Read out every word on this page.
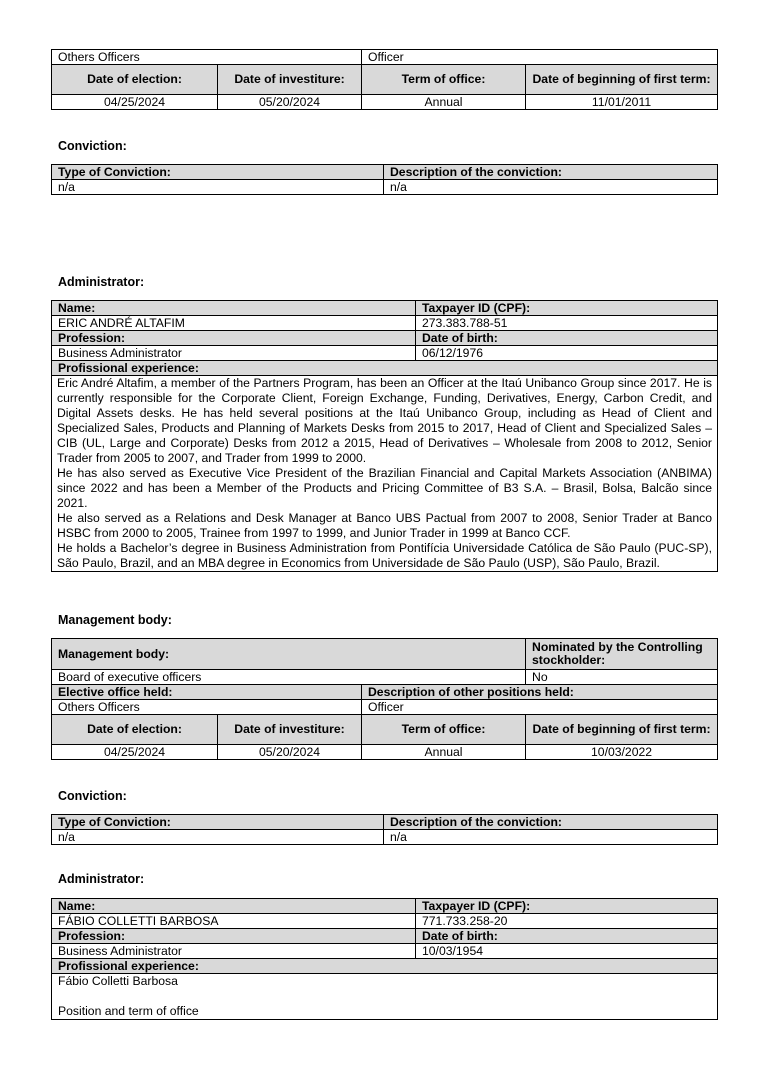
Others Officers		Officer	
Date of election:	Date of investiture:	Term of office:	Date of beginning of first term:
04/25/2024	05/20/2024	Annual	11/01/2011
Conviction:
Type of Conviction:	Description of the conviction:
n/a	n/a
Administrator:
Name:	Taxpayer ID (CPF):
ERIC ANDRÉ ALTAFIM	273.383.788-51
Profession:	Date of birth:
Business Administrator	06/12/1976
Profissional experience:	

Eric André Altafim, a member of the Partners Program, has been an Officer at the Itaú Unibanco Group since 2017. He is currently responsible for the Corporate Client, Foreign Exchange, Funding, Derivatives, Energy, Carbon Credit, and Digital Assets desks. He has held several positions at the Itaú Unibanco Group, including as Head of Client and Specialized Sales, Products and Planning of Markets Desks from 2015 to 2017, Head of Client and Specialized Sales – CIB (UL, Large and Corporate) Desks from 2012 a 2015, Head of Derivatives – Wholesale from 2008 to 2012, Senior Trader from 2005 to 2007, and Trader from 1999 to 2000.
He has also served as Executive Vice President of the Brazilian Financial and Capital Markets Association (ANBIMA) since 2022 and has been a Member of the Products and Pricing Committee of B3 S.A. – Brasil, Bolsa, Balcão since 2021.
He also served as a Relations and Desk Manager at Banco UBS Pactual from 2007 to 2008, Senior Trader at Banco HSBC from 2000 to 2005, Trainee from 1997 to 1999, and Junior Trader in 1999 at Banco CCF.
He holds a Bachelor’s degree in Business Administration from Pontifícia Universidade Católica de São Paulo (PUC-SP), São Paulo, Brazil, and an MBA degree in Economics from Universidade de São Paulo (USP), São Paulo, Brazil.	
Management body:
Management body:			Nominated by the Controlling stockholder:
Board of executive officers			No
Elective office held:		Description of other positions held:	
Others Officers		Officer	
Date of election:	Date of investiture:	Term of office:	Date of beginning of first term:
04/25/2024	05/20/2024	Annual	10/03/2022
Conviction:
Type of Conviction:	Description of the conviction:
n/a	n/a
Administrator:
Name:	Taxpayer ID (CPF):
FÁBIO COLLETTI BARBOSA	771.733.258-20
Profession:	Date of birth:
Business Administrator	10/03/1954
Profissional experience:	

Fábio Colletti Barbosa
Position and term of office	
